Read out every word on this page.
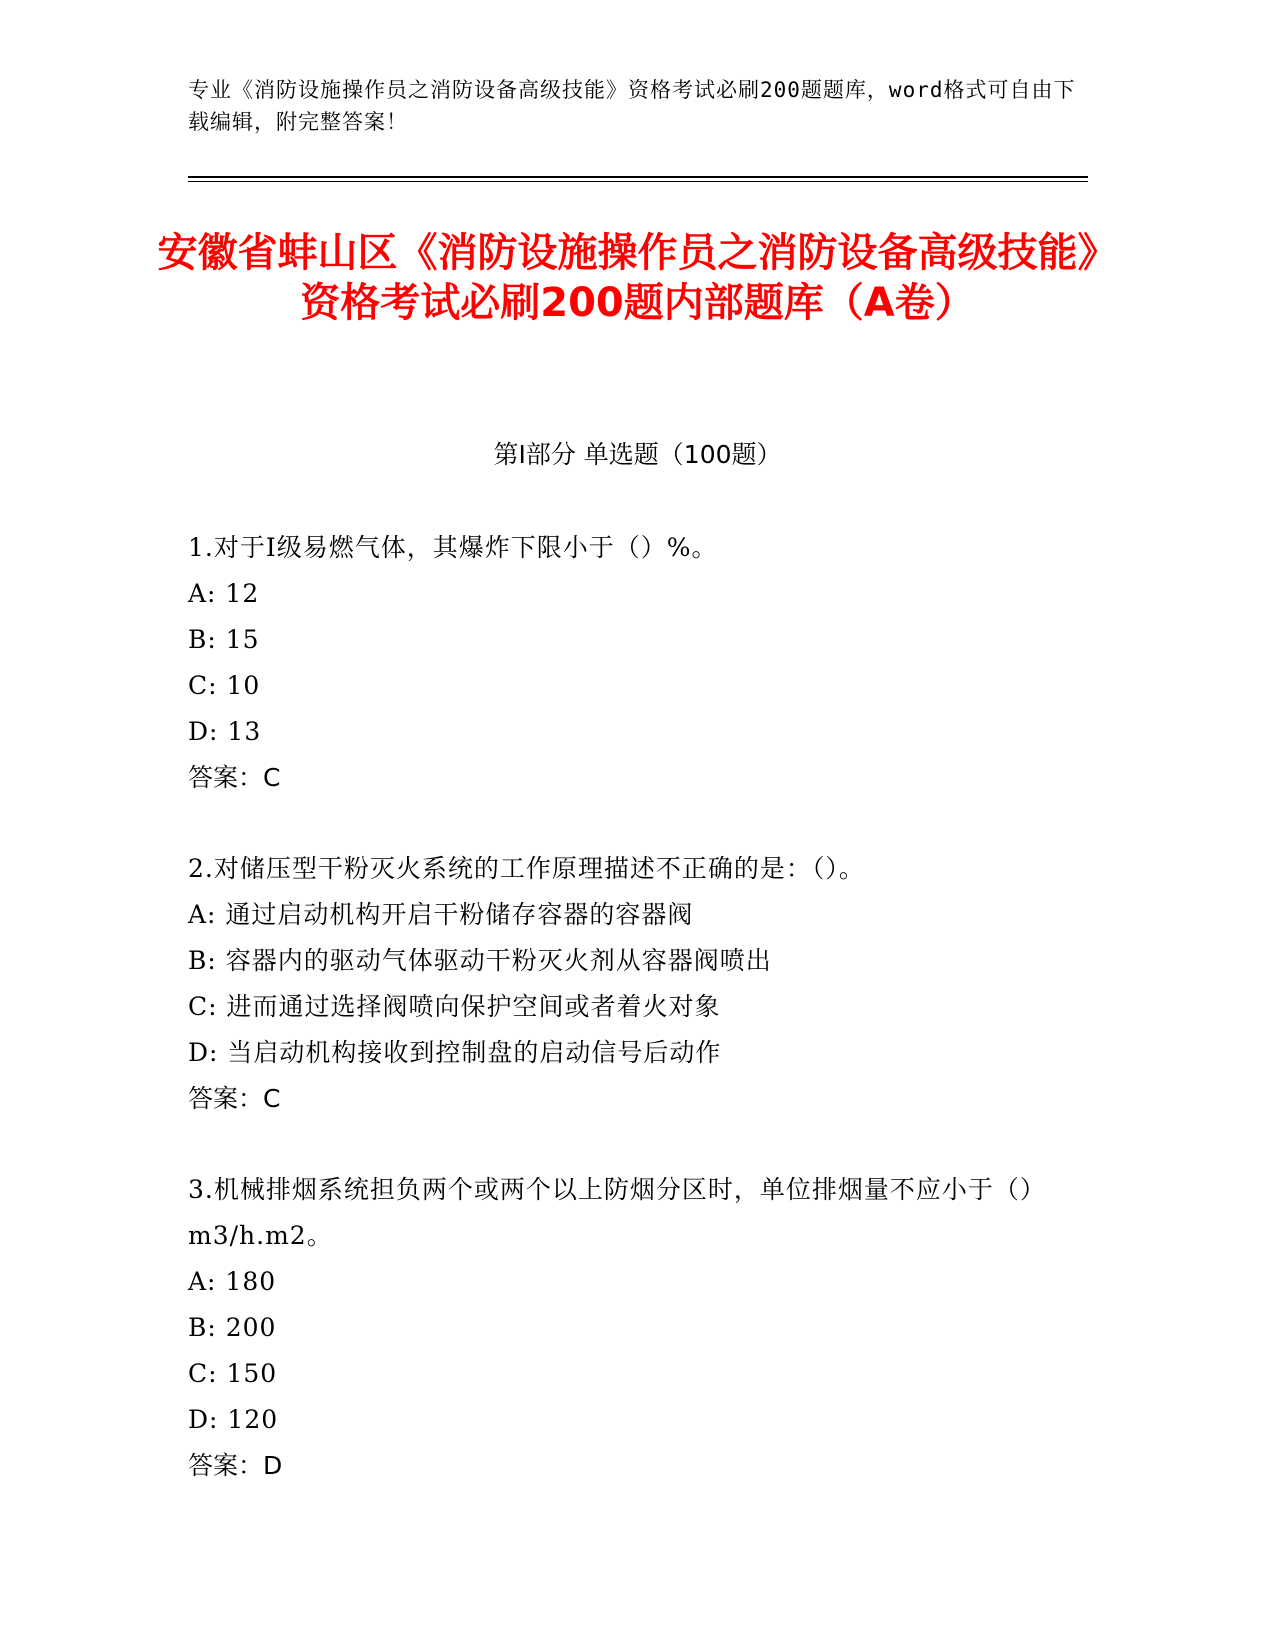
专业《消防设施操作员之消防设备高级技能》资格考试必刷200题题库，word格式可自由下载编辑，附完整答案！
安徽省蚌山区《消防设施操作员之消防设备高级技能》资格考试必刷200题内部题库（A卷）
第Ⅰ部分 单选题（100题）
1.对于Ⅰ级易燃气体，其爆炸下限小于（）%。
A: 12
B: 15
C: 10
D: 13
答案：C
2.对储压型干粉灭火系统的工作原理描述不正确的是：（）。
A: 通过启动机构开启干粉储存容器的容器阀
B: 容器内的驱动气体驱动干粉灭火剂从容器阀喷出
C: 进而通过选择阀喷向保护空间或者着火对象
D: 当启动机构接收到控制盘的启动信号后动作
答案：C
3.机械排烟系统担负两个或两个以上防烟分区时，单位排烟量不应小于（）m3/h.m2。
A: 180
B: 200
C: 150
D: 120
答案：D
